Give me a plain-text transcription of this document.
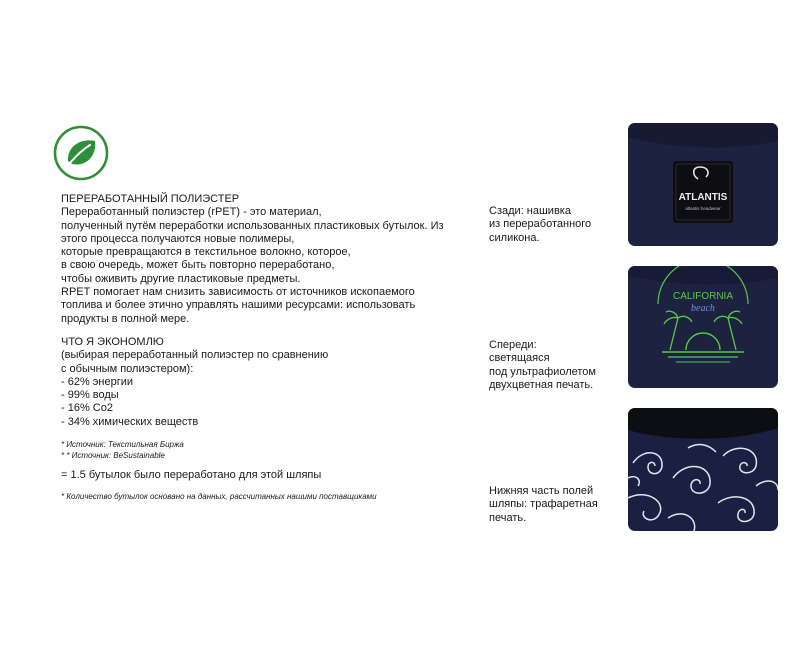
ПЕРЕРАБОТАННЫЙ ПОЛИЭСТЕР

Переработанный полиэстер (rPET) - это материал,

полученный путём переработки использованных пластиковых бутылок. Из

этого процесса получаются новые полимеры,

которые превращаются в текстильное волокно, которое,

в свою очередь, может быть повторно переработано,

чтобы оживить другие пластиковые предметы.

RPET помогает нам снизить зависимость от источников ископаемого

топлива и более этично управлять нашими ресурсами: использовать

продукты в полной мере.

ЧТО Я ЭКОНОМЛЮ

(выбирая переработанный полиэстер по сравнению

с обычным полиэстером):

- 62% энергии

- 99% воды

- 16% Co2

- 34% химических веществ

* Источник: Текстильная Биржа

* * Источник: BeSustainable

= 1.5 бутылок было переработано для этой шляпы

* Количество бутылок основано на данных, рассчитанных нашими поставщиками

Сзади: нашивка
из переработанного
силикона.
Спереди:
светящаяся
под ультрафиолетом
двухцветная печать.
Нижняя часть полей
шляпы: трафаретная
печать.
ATLANTIS
atlantis headwear
CALIFORNIA
beach
